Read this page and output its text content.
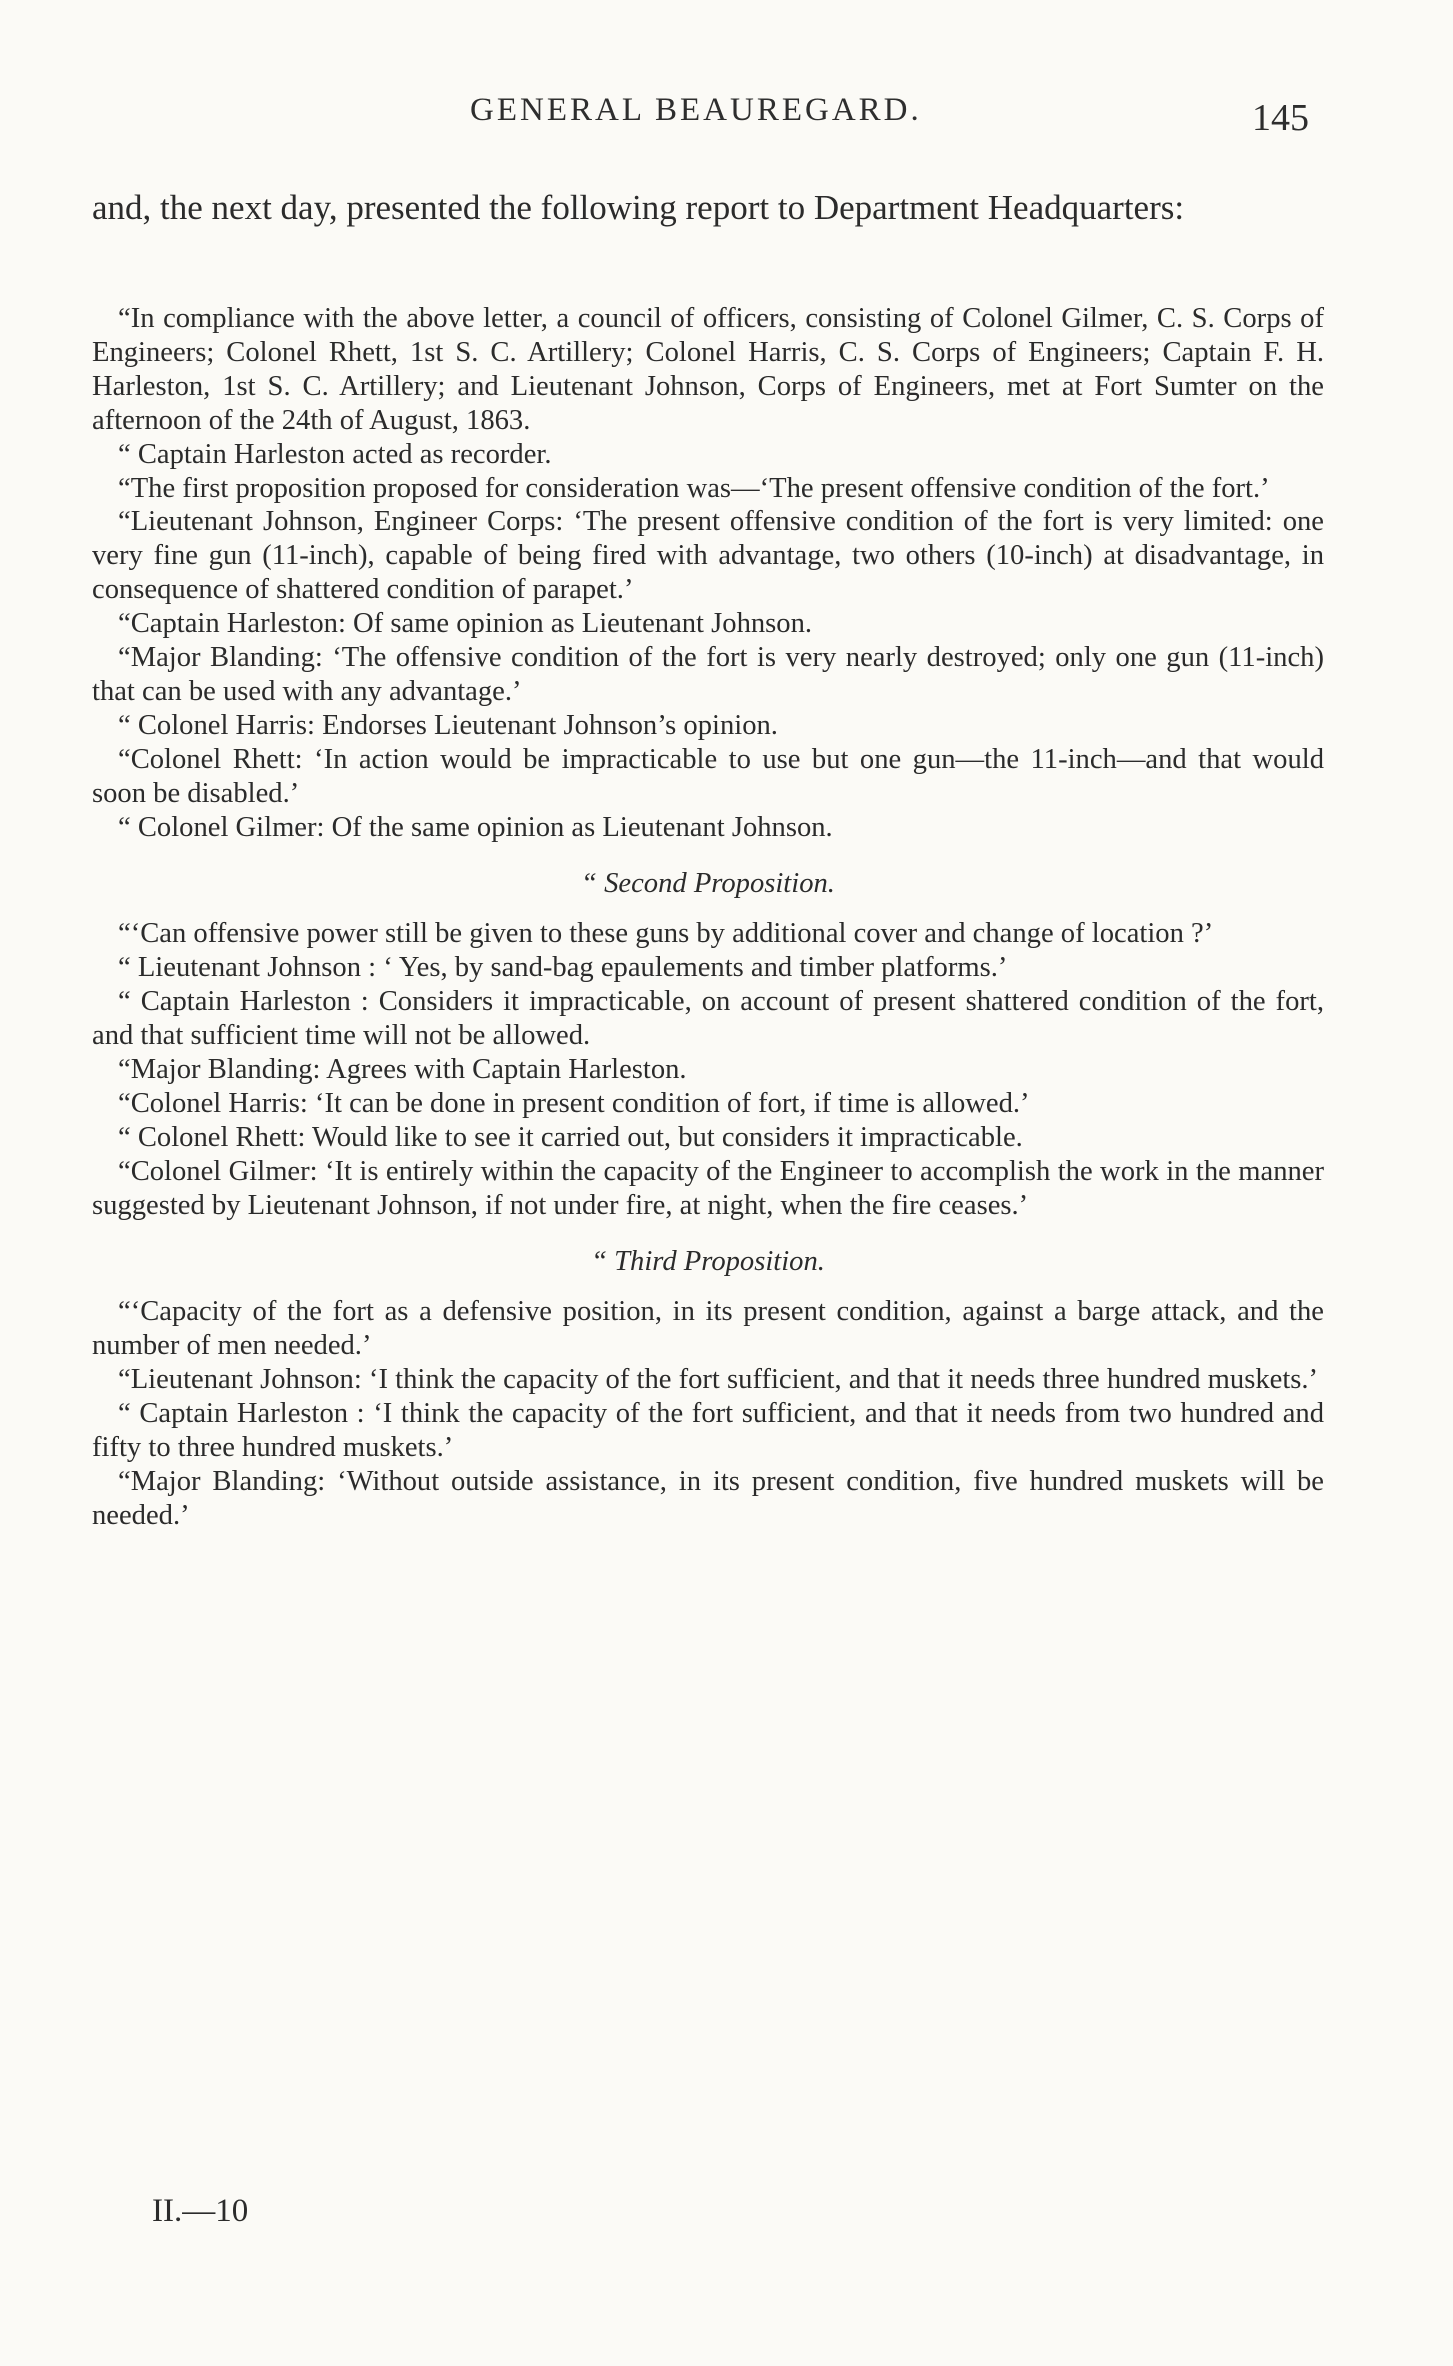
GENERAL BEAUREGARD.	145

and, the next day, presented the following report to Department Headquarters:

“In compliance with the above letter, a council of officers, consisting of Colonel Gilmer, C. S. Corps of Engineers; Colonel Rhett, 1st S. C. Artillery; Colonel Harris, C. S. Corps of Engineers; Captain F. H. Harleston, 1st S. C. Artillery; and Lieutenant Johnson, Corps of Engineers, met at Fort Sumter on the afternoon of the 24th of August, 1863.

“ Captain Harleston acted as recorder.

“The first proposition proposed for consideration was—‘The present offensive condition of the fort.’

“Lieutenant Johnson, Engineer Corps: ‘The present offensive condition of the fort is very limited: one very fine gun (11-inch), capable of being fired with advantage, two others (10-inch) at disadvantage, in consequence of shattered condition of parapet.’

“Captain Harleston: Of same opinion as Lieutenant Johnson.

“Major Blanding: ‘The offensive condition of the fort is very nearly destroyed; only one gun (11-inch) that can be used with any advantage.’

“ Colonel Harris: Endorses Lieutenant Johnson’s opinion.

“Colonel Rhett: ‘In action would be impracticable to use but one gun—the 11-inch—and that would soon be disabled.’

“ Colonel Gilmer: Of the same opinion as Lieutenant Johnson.

“ Second Proposition.

“‘Can offensive power still be given to these guns by additional cover and change of location ?’

“ Lieutenant Johnson : ‘ Yes, by sand-bag epaulements and timber platforms.’

“ Captain Harleston : Considers it impracticable, on account of present shattered condition of the fort, and that sufficient time will not be allowed.

“Major Blanding: Agrees with Captain Harleston.

“Colonel Harris: ‘It can be done in present condition of fort, if time is allowed.’

“ Colonel Rhett: Would like to see it carried out, but considers it impracticable.

“Colonel Gilmer: ‘It is entirely within the capacity of the Engineer to accomplish the work in the manner suggested by Lieutenant Johnson, if not under fire, at night, when the fire ceases.’

“ Third Proposition.

“‘Capacity of the fort as a defensive position, in its present condition, against a barge attack, and the number of men needed.’

“Lieutenant Johnson: ‘I think the capacity of the fort sufficient, and that it needs three hundred muskets.’

“ Captain Harleston : ‘I think the capacity of the fort sufficient, and that it needs from two hundred and fifty to three hundred muskets.’

“Major Blanding: ‘Without outside assistance, in its present condition, five hundred muskets will be needed.’

II.—10
